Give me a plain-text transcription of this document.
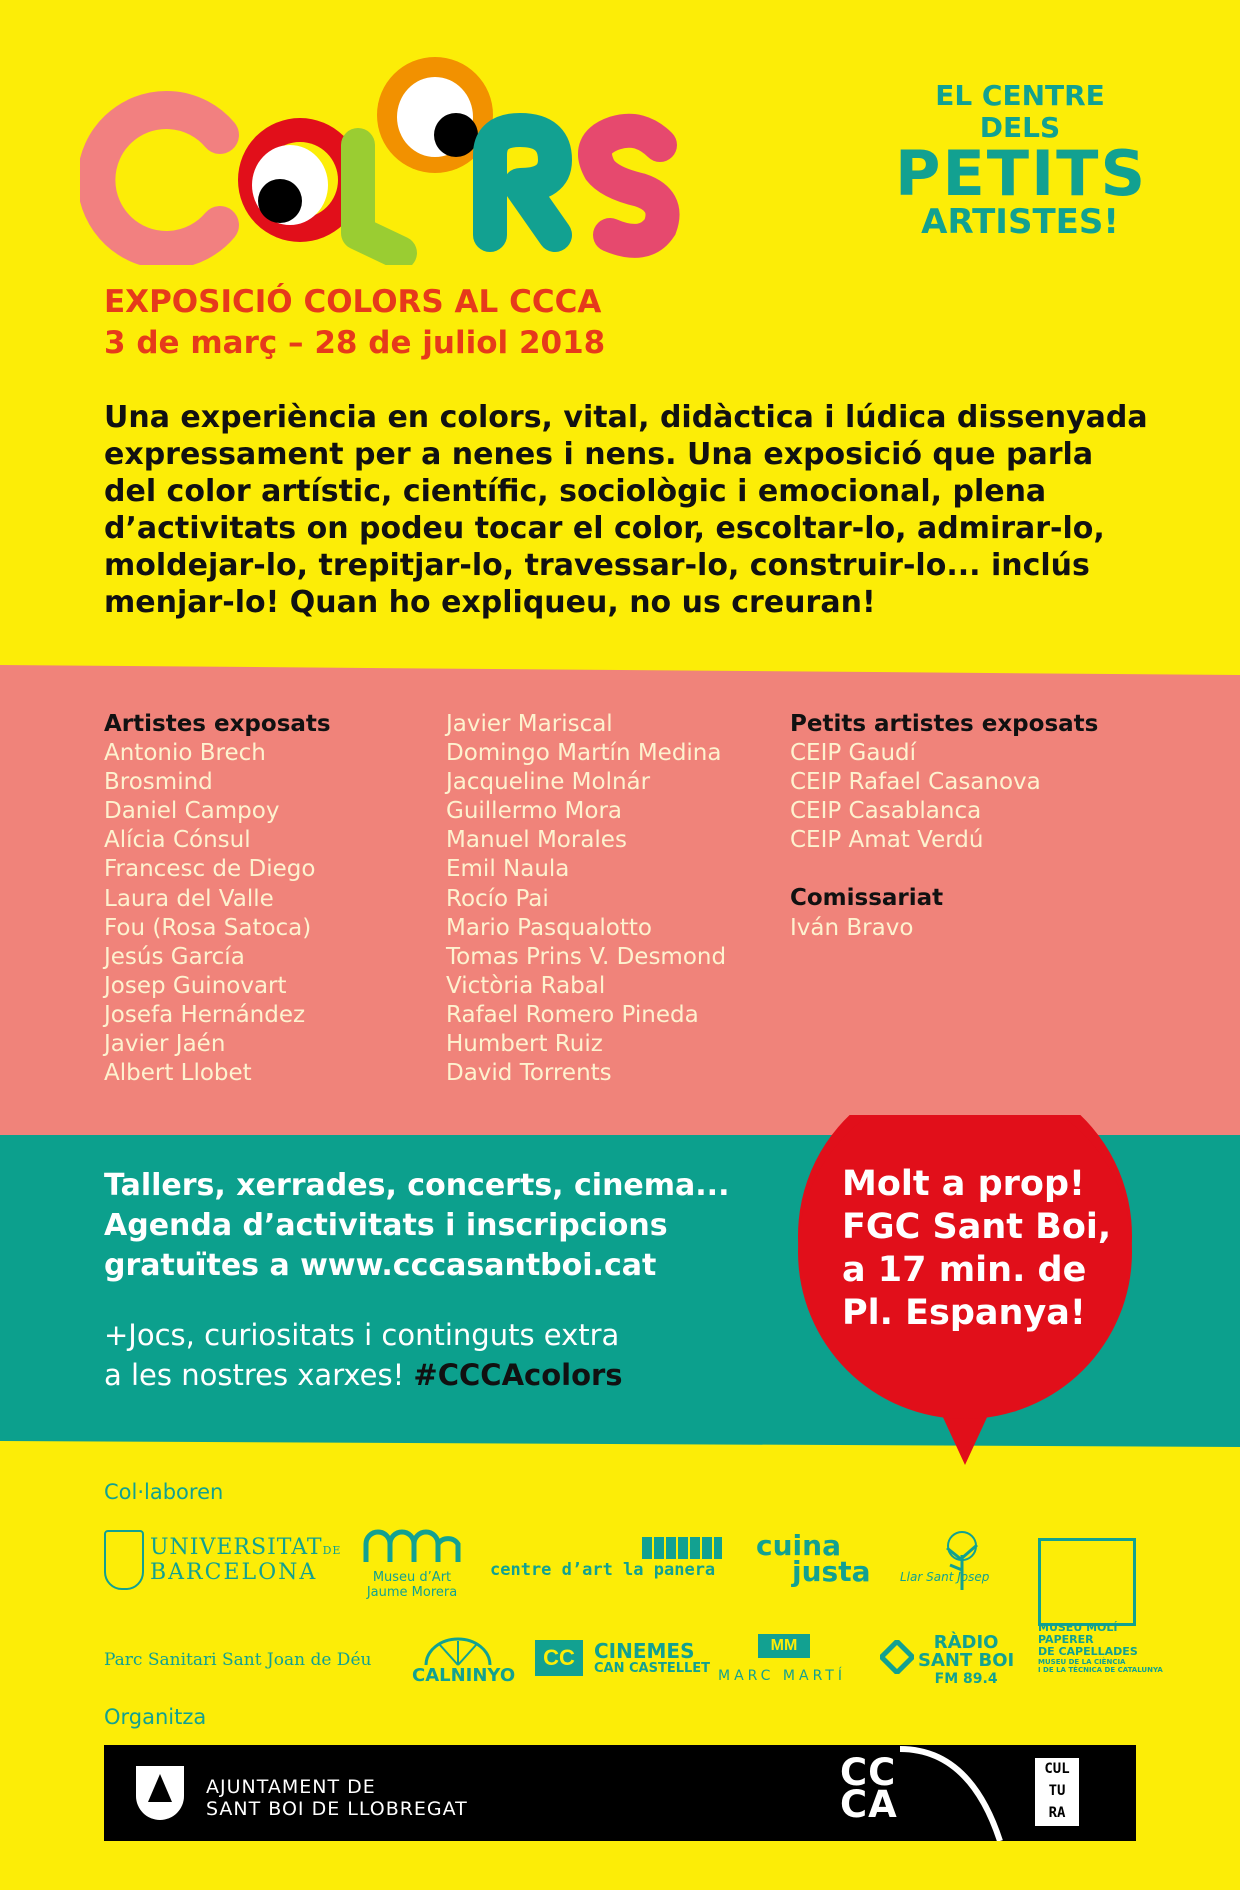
EL CENTRE DELS
PETITS
ARTISTES!
EXPOSICIÓ COLORS AL CCCA
3 de març – 28 de juliol 2018
Una experiència en colors, vital, didàctica i lúdica dissenyada expressament per a nenes i nens. Una exposició que parla del color artístic, científic, sociològic i emocional, plena d’activitats on podeu tocar el color, escoltar-lo, admirar-lo, moldejar-lo, trepitjar-lo, travessar-lo, construir-lo... inclús menjar-lo! Quan ho expliqueu, no us creuran!
Artistes exposats
Antonio Brech
Brosmind
Daniel Campoy
Alícia Cónsul
Francesc de Diego
Laura del Valle
Fou (Rosa Satoca)
Jesús García
Josep Guinovart
Josefa Hernández
Javier Jaén
Albert Llobet
Javier Mariscal
Domingo Martín Medina
Jacqueline Molnár
Guillermo Mora
Manuel Morales
Emil Naula
Rocío Pai
Mario Pasqualotto
Tomas Prins V. Desmond
Victòria Rabal
Rafael Romero Pineda
Humbert Ruiz
David Torrents
Petits artistes exposats
CEIP Gaudí
CEIP Rafael Casanova
CEIP Casablanca
CEIP Amat Verdú
Comissariat
Iván Bravo
Tallers, xerrades, concerts, cinema...
Agenda d’activitats i inscripcions
gratuïtes a www.cccasantboi.cat
+Jocs, curiositats i continguts extra
a les nostres xarxes! #CCCAcolors
Molt a prop!
FGC Sant Boi,
a 17 min. de
Pl. Espanya!
Col·laboren
UNIVERSITATDE
BARCELONA	Museu d’Art
Jaume Morera
centre d’art la panera
cuina
justa Llar Sant Josep
MUSEU MOLÍ
PAPERER
DE CAPELLADES
MUSEU DE LA CIÈNCIA
I DE LA TÈCNICA DE CATALUNYA
Parc Sanitari Sant Joan de Déu
CALNINYO
CC CINEMES
CAN CASTELLET
MM
MARC MARTÍ
RÀDIO
SANT BOI
FM 89.4
Organitza
AJUNTAMENT DE
SANT BOI DE LLOBREGAT
CC
CA
CUL
TU
RA
